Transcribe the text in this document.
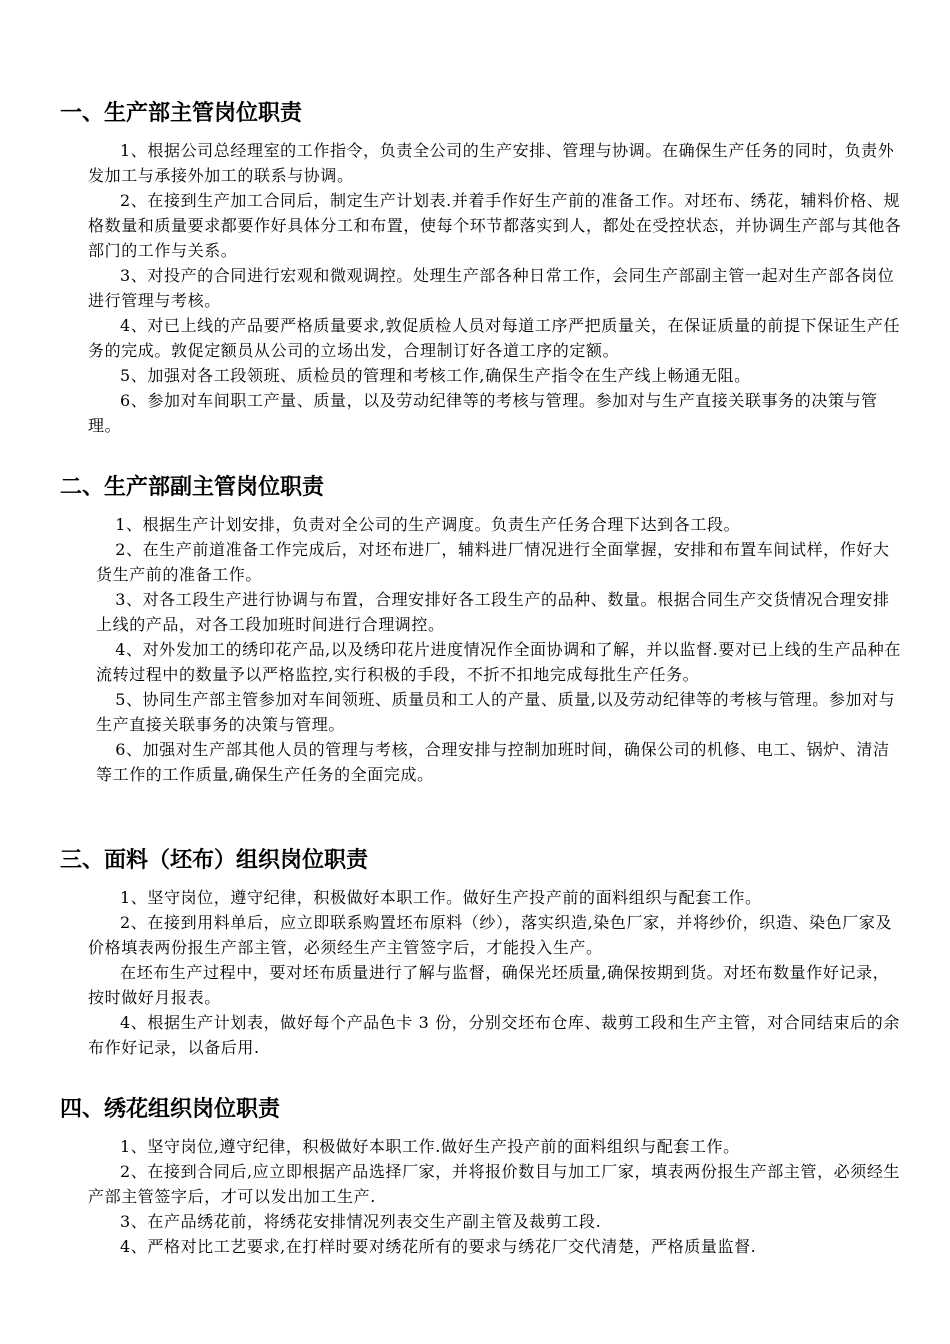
一、生产部主管岗位职责

1、根据公司总经理室的工作指令，负责全公司的生产安排、管理与协调。在确保生产任务的同时，负责外发加工与承接外加工的联系与协调。

2、在接到生产加工合同后，制定生产计划表.并着手作好生产前的准备工作。对坯布、绣花，辅料价格、规格数量和质量要求都要作好具体分工和布置，使每个环节都落实到人，都处在受控状态，并协调生产部与其他各部门的工作与关系。

3、对投产的合同进行宏观和微观调控。处理生产部各种日常工作，会同生产部副主管一起对生产部各岗位进行管理与考核。

4、对已上线的产品要严格质量要求,敦促质检人员对每道工序严把质量关，在保证质量的前提下保证生产任务的完成。敦促定额员从公司的立场出发，合理制订好各道工序的定额。

5、加强对各工段领班、质检员的管理和考核工作,确保生产指令在生产线上畅通无阻。

6、参加对车间职工产量、质量，以及劳动纪律等的考核与管理。参加对与生产直接关联事务的决策与管理。

二、生产部副主管岗位职责

1、根据生产计划安排，负责对全公司的生产调度。负责生产任务合理下达到各工段。

2、在生产前道准备工作完成后，对坯布进厂，辅料进厂情况进行全面掌握，安排和布置车间试样，作好大货生产前的准备工作。

3、对各工段生产进行协调与布置，合理安排好各工段生产的品种、数量。根据合同生产交货情况合理安排上线的产品，对各工段加班时间进行合理调控。

4、对外发加工的绣印花产品,以及绣印花片进度情况作全面协调和了解，并以监督.要对已上线的生产品种在流转过程中的数量予以严格监控,实行积极的手段，不折不扣地完成每批生产任务。

5、协同生产部主管参加对车间领班、质量员和工人的产量、质量,以及劳动纪律等的考核与管理。参加对与生产直接关联事务的决策与管理。

6、加强对生产部其他人员的管理与考核，合理安排与控制加班时间，确保公司的机修、电工、锅炉、清洁等工作的工作质量,确保生产任务的全面完成。

三、面料（坯布）组织岗位职责

1、坚守岗位，遵守纪律，积极做好本职工作。做好生产投产前的面料组织与配套工作。

2、在接到用料单后，应立即联系购置坯布原料（纱），落实织造,染色厂家，并将纱价，织造、染色厂家及价格填表两份报生产部主管，必须经生产主管签字后，才能投入生产。

在坯布生产过程中，要对坯布质量进行了解与监督，确保光坯质量,确保按期到货。对坯布数量作好记录，按时做好月报表。

4、根据生产计划表，做好每个产品色卡 3 份，分别交坯布仓库、裁剪工段和生产主管，对合同结束后的余布作好记录，以备后用.

四、绣花组织岗位职责

1、坚守岗位,遵守纪律，积极做好本职工作.做好生产投产前的面料组织与配套工作。

2、在接到合同后,应立即根据产品选择厂家，并将报价数目与加工厂家，填表两份报生产部主管，必须经生产部主管签字后，才可以发出加工生产.

3、在产品绣花前，将绣花安排情况列表交生产副主管及裁剪工段.

4、严格对比工艺要求,在打样时要对绣花所有的要求与绣花厂交代清楚，严格质量监督.
